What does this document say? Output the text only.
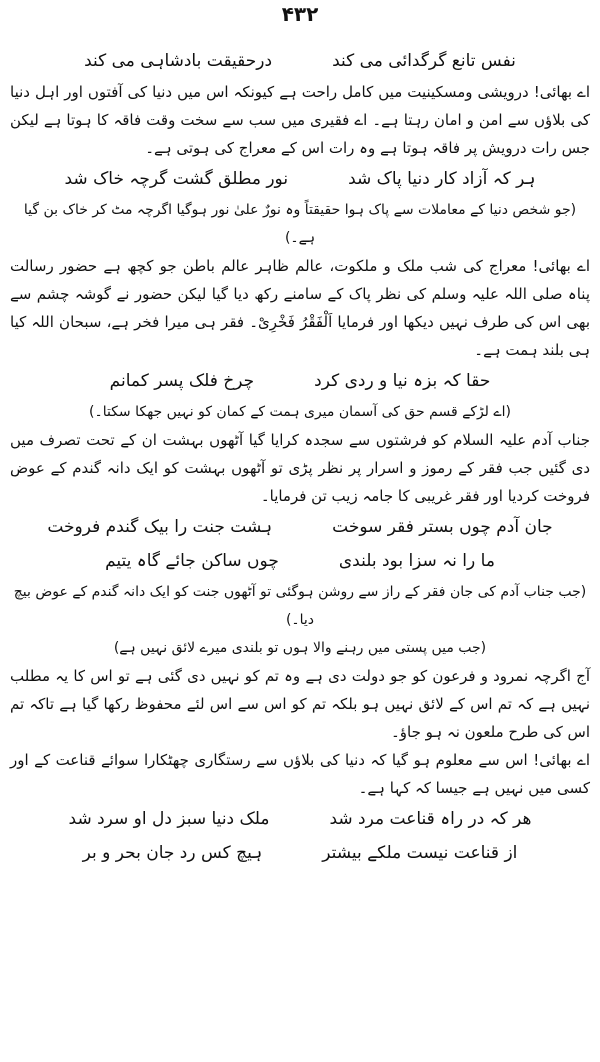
۴۳۲
نفس تانع گرگدائی می کند
درحقیقت بادشاہی می کند

اے بھائی! درویشی ومسکینیت میں کامل راحت ہے کیونکہ اس میں دنیا کی آفتوں اور اہل دنیا کی بلاؤں سے امن و امان رہتا ہے۔ اے فقیری میں سب سے سخت وقت فاقہ کا ہوتا ہے لیکن جس رات درویش پر فاقہ ہوتا ہے وہ رات اس کے معراج کی ہوتی ہے۔

ہر کہ آزاد کار دنیا پاک شد
نور مطلق گشت گرچہ خاک شد

(جو شخص دنیا کے معاملات سے پاک ہوا حقیقتاً وہ نورٌ علیٰ نور ہوگیا اگرچہ مٹ کر خاک بن گیا ہے۔)

اے بھائی! معراج کی شب ملک و ملکوت، عالم ظاہر عالم باطن جو کچھ ہے حضور رسالت پناہ صلی اللہ علیہ وسلم کی نظر پاک کے سامنے رکھ دیا گیا لیکن حضور نے گوشہ چشم سے بھی اس کی طرف نہیں دیکھا اور فرمایا اَلْفَقْرُ فَخْرِیْ۔ فقر ہی میرا فخر ہے، سبحان اللہ کیا ہی بلند ہمت ہے۔

حقا کہ بزہ نیا و ردی کرد
چرخ فلک پسر کمانم

(اے لڑکے قسم حق کی آسمان میری ہمت کے کمان کو نہیں جھکا سکتا۔)

جناب آدم علیہ السلام کو فرشتوں سے سجدہ کرایا گیا آٹھوں بہشت ان کے تحت تصرف میں دی گئیں جب فقر کے رموز و اسرار پر نظر پڑی تو آٹھوں بہشت کو ایک دانہ گندم کے عوض فروخت کردیا اور فقر غریبی کا جامہ زیب تن فرمایا۔

جان آدم چوں بستر فقر سوخت
ہشت جنت را بیک گندم فروخت
ما را نہ سزا بود بلندی
چوں ساکن جائے گاہ یتیم

(جب جناب آدم کی جان فقر کے راز سے روشن ہوگئی تو آٹھوں جنت کو ایک دانہ گندم کے عوض بیچ دیا۔)

(جب میں پستی میں رہنے والا ہوں تو بلندی میرے لائق نہیں ہے)

آج اگرچہ نمرود و فرعون کو جو دولت دی ہے وہ تم کو نہیں دی گئی ہے تو اس کا یہ مطلب نہیں ہے کہ تم اس کے لائق نہیں ہو بلکہ تم کو اس سے اس لئے محفوظ رکھا گیا ہے تاکہ تم اس کی طرح ملعون نہ ہو جاؤ۔

اے بھائی! اس سے معلوم ہو گیا کہ دنیا کی بلاؤں سے رستگاری چھٹکارا سوائے قناعت کے اور کسی میں نہیں ہے جیسا کہ کہا ہے۔

ھر کہ در راہ قناعت مرد شد
ملک دنیا سبز دل او سرد شد
از قناعت نیست ملکے بیشتر
ہیچ کس رد جان بحر و بر
